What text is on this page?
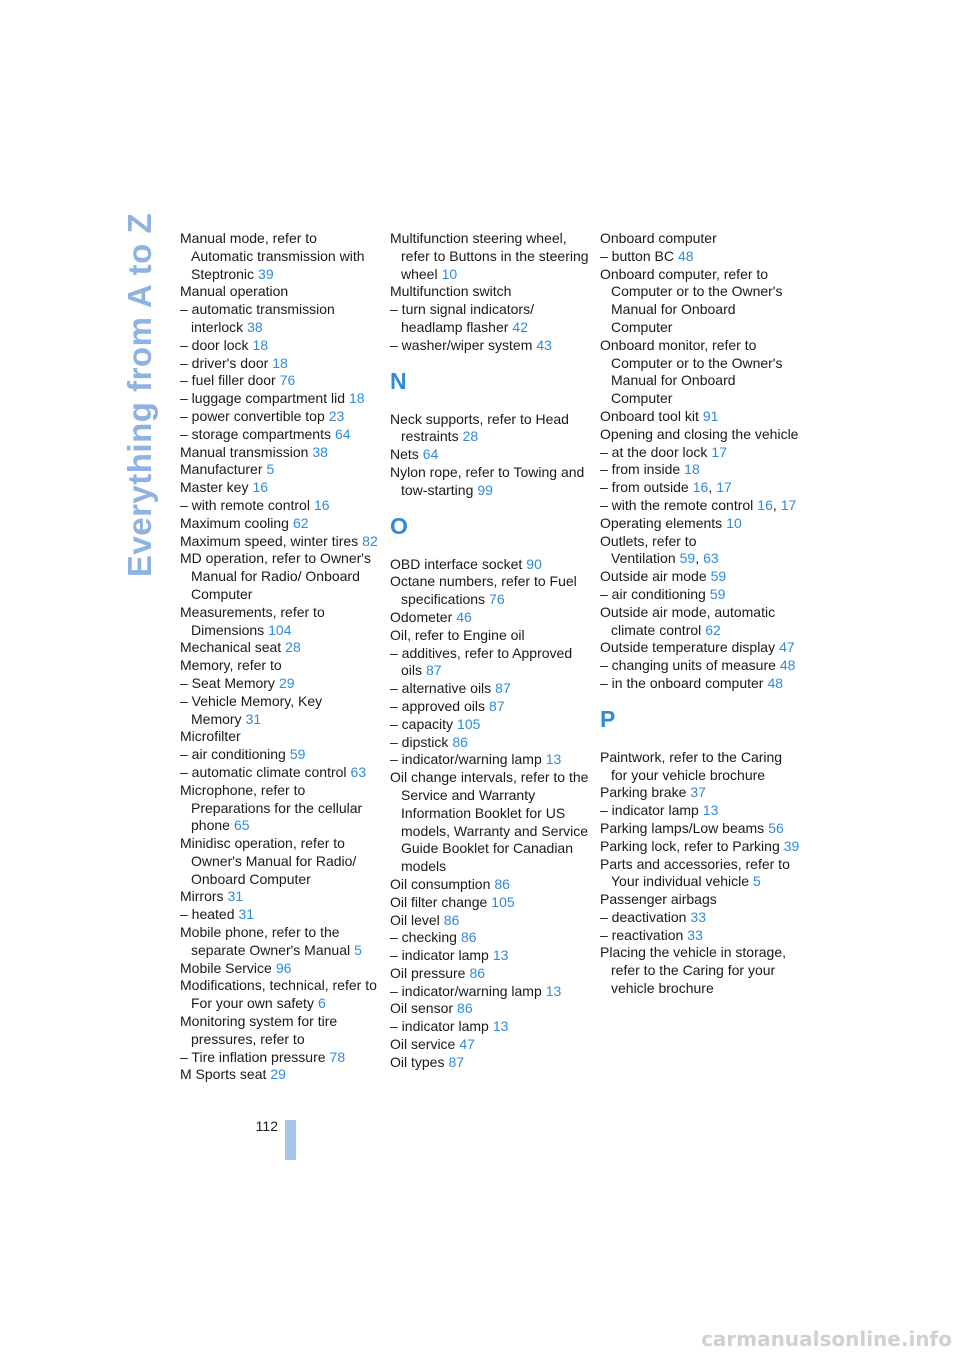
Everything from A to Z Manual mode, refer to Automatic transmission with Steptronic 39
Manual operation
– automatic transmission interlock 38
– door lock 18
– driver's door 18
– fuel filler door 76
– luggage compartment lid 18
– power convertible top 23
– storage compartments 64
Manual transmission 38
Manufacturer 5
Master key 16
– with remote control 16
Maximum cooling 62
Maximum speed, winter tires 82
MD operation, refer to Owner's Manual for Radio/ Onboard Computer
Measurements, refer to Dimensions 104
Mechanical seat 28
Memory, refer to
– Seat Memory 29
– Vehicle Memory, Key Memory 31
Microfilter
– air conditioning 59
– automatic climate control 63
Microphone, refer to Preparations for the cellular phone 65
Minidisc operation, refer to Owner's Manual for Radio/ Onboard Computer
Mirrors 31
– heated 31
Mobile phone, refer to the separate Owner's Manual 5
Mobile Service 96
Modifications, technical, refer to For your own safety 6
Monitoring system for tire pressures, refer to
– Tire inflation pressure 78
M Sports seat 29
Multifunction steering wheel, refer to Buttons in the steering wheel 10
Multifunction switch
– turn signal indicators/ headlamp flasher 42
– washer/wiper system 43
N
Neck supports, refer to Head restraints 28
Nets 64
Nylon rope, refer to Towing and tow-starting 99
O
OBD interface socket 90
Octane numbers, refer to Fuel specifications 76
Odometer 46
Oil, refer to Engine oil
– additives, refer to Approved oils 87
– alternative oils 87
– approved oils 87
– capacity 105
– dipstick 86
– indicator/warning lamp 13
Oil change intervals, refer to the Service and Warranty Information Booklet for US models, Warranty and Service Guide Booklet for Canadian models
Oil consumption 86
Oil filter change 105
Oil level 86
– checking 86
– indicator lamp 13
Oil pressure 86
– indicator/warning lamp 13
Oil sensor 86
– indicator lamp 13
Oil service 47
Oil types 87
Onboard computer
– button BC 48
Onboard computer, refer to Computer or to the Owner's Manual for Onboard Computer
Onboard monitor, refer to Computer or to the Owner's Manual for Onboard Computer
Onboard tool kit 91
Opening and closing the vehicle
– at the door lock 17
– from inside 18
– from outside 16, 17
– with the remote control 16, 17
Operating elements 10
Outlets, refer to Ventilation 59, 63
Outside air mode 59
– air conditioning 59
Outside air mode, automatic climate control 62
Outside temperature display 47
– changing units of measure 48
– in the onboard computer 48
P
Paintwork, refer to the Caring for your vehicle brochure
Parking brake 37
– indicator lamp 13
Parking lamps/Low beams 56
Parking lock, refer to Parking 39
Parts and accessories, refer to Your individual vehicle 5
Passenger airbags
– deactivation 33
– reactivation 33
Placing the vehicle in storage, refer to the Caring for your vehicle brochure
112
carmanualsonline.info
